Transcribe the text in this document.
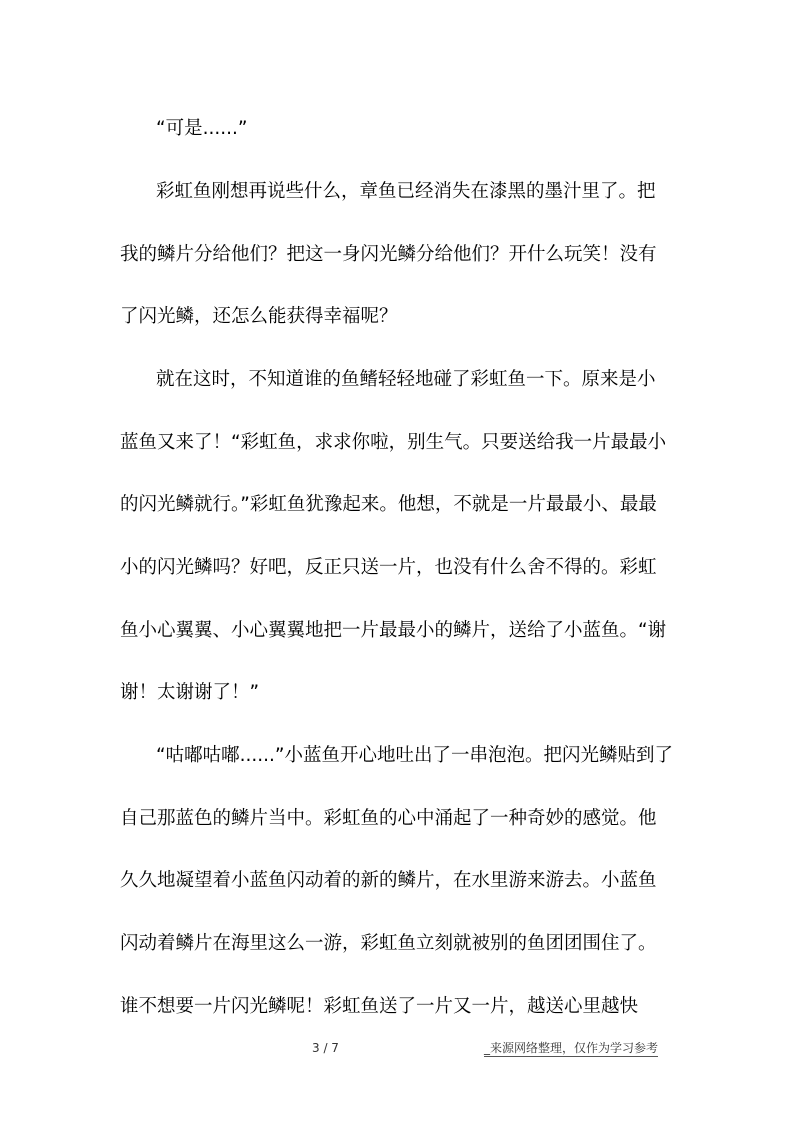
“可是......”
彩虹鱼刚想再说些什么，章鱼已经消失在漆黑的墨汁里了。把
我的鳞片分给他们？把这一身闪光鳞分给他们？开什么玩笑！没有
了闪光鳞，还怎么能获得幸福呢？
就在这时，不知道谁的鱼鳍轻轻地碰了彩虹鱼一下。原来是小
蓝鱼又来了！“彩虹鱼，求求你啦，别生气。只要送给我一片最最小
的闪光鳞就行。”彩虹鱼犹豫起来。他想，不就是一片最最小、最最
小的闪光鳞吗？好吧，反正只送一片，也没有什么舍不得的。彩虹
鱼小心翼翼、小心翼翼地把一片最最小的鳞片，送给了小蓝鱼。“谢
谢！太谢谢了！”
“咕嘟咕嘟......”小蓝鱼开心地吐出了一串泡泡。把闪光鳞贴到了
自己那蓝色的鳞片当中。彩虹鱼的心中涌起了一种奇妙的感觉。他
久久地凝望着小蓝鱼闪动着的新的鳞片，在水里游来游去。小蓝鱼
闪动着鳞片在海里这么一游，彩虹鱼立刻就被别的鱼团团围住了。
谁不想要一片闪光鳞呢！彩虹鱼送了一片又一片，越送心里越快
3 / 7	_来源网络整理，仅作为学习参考
